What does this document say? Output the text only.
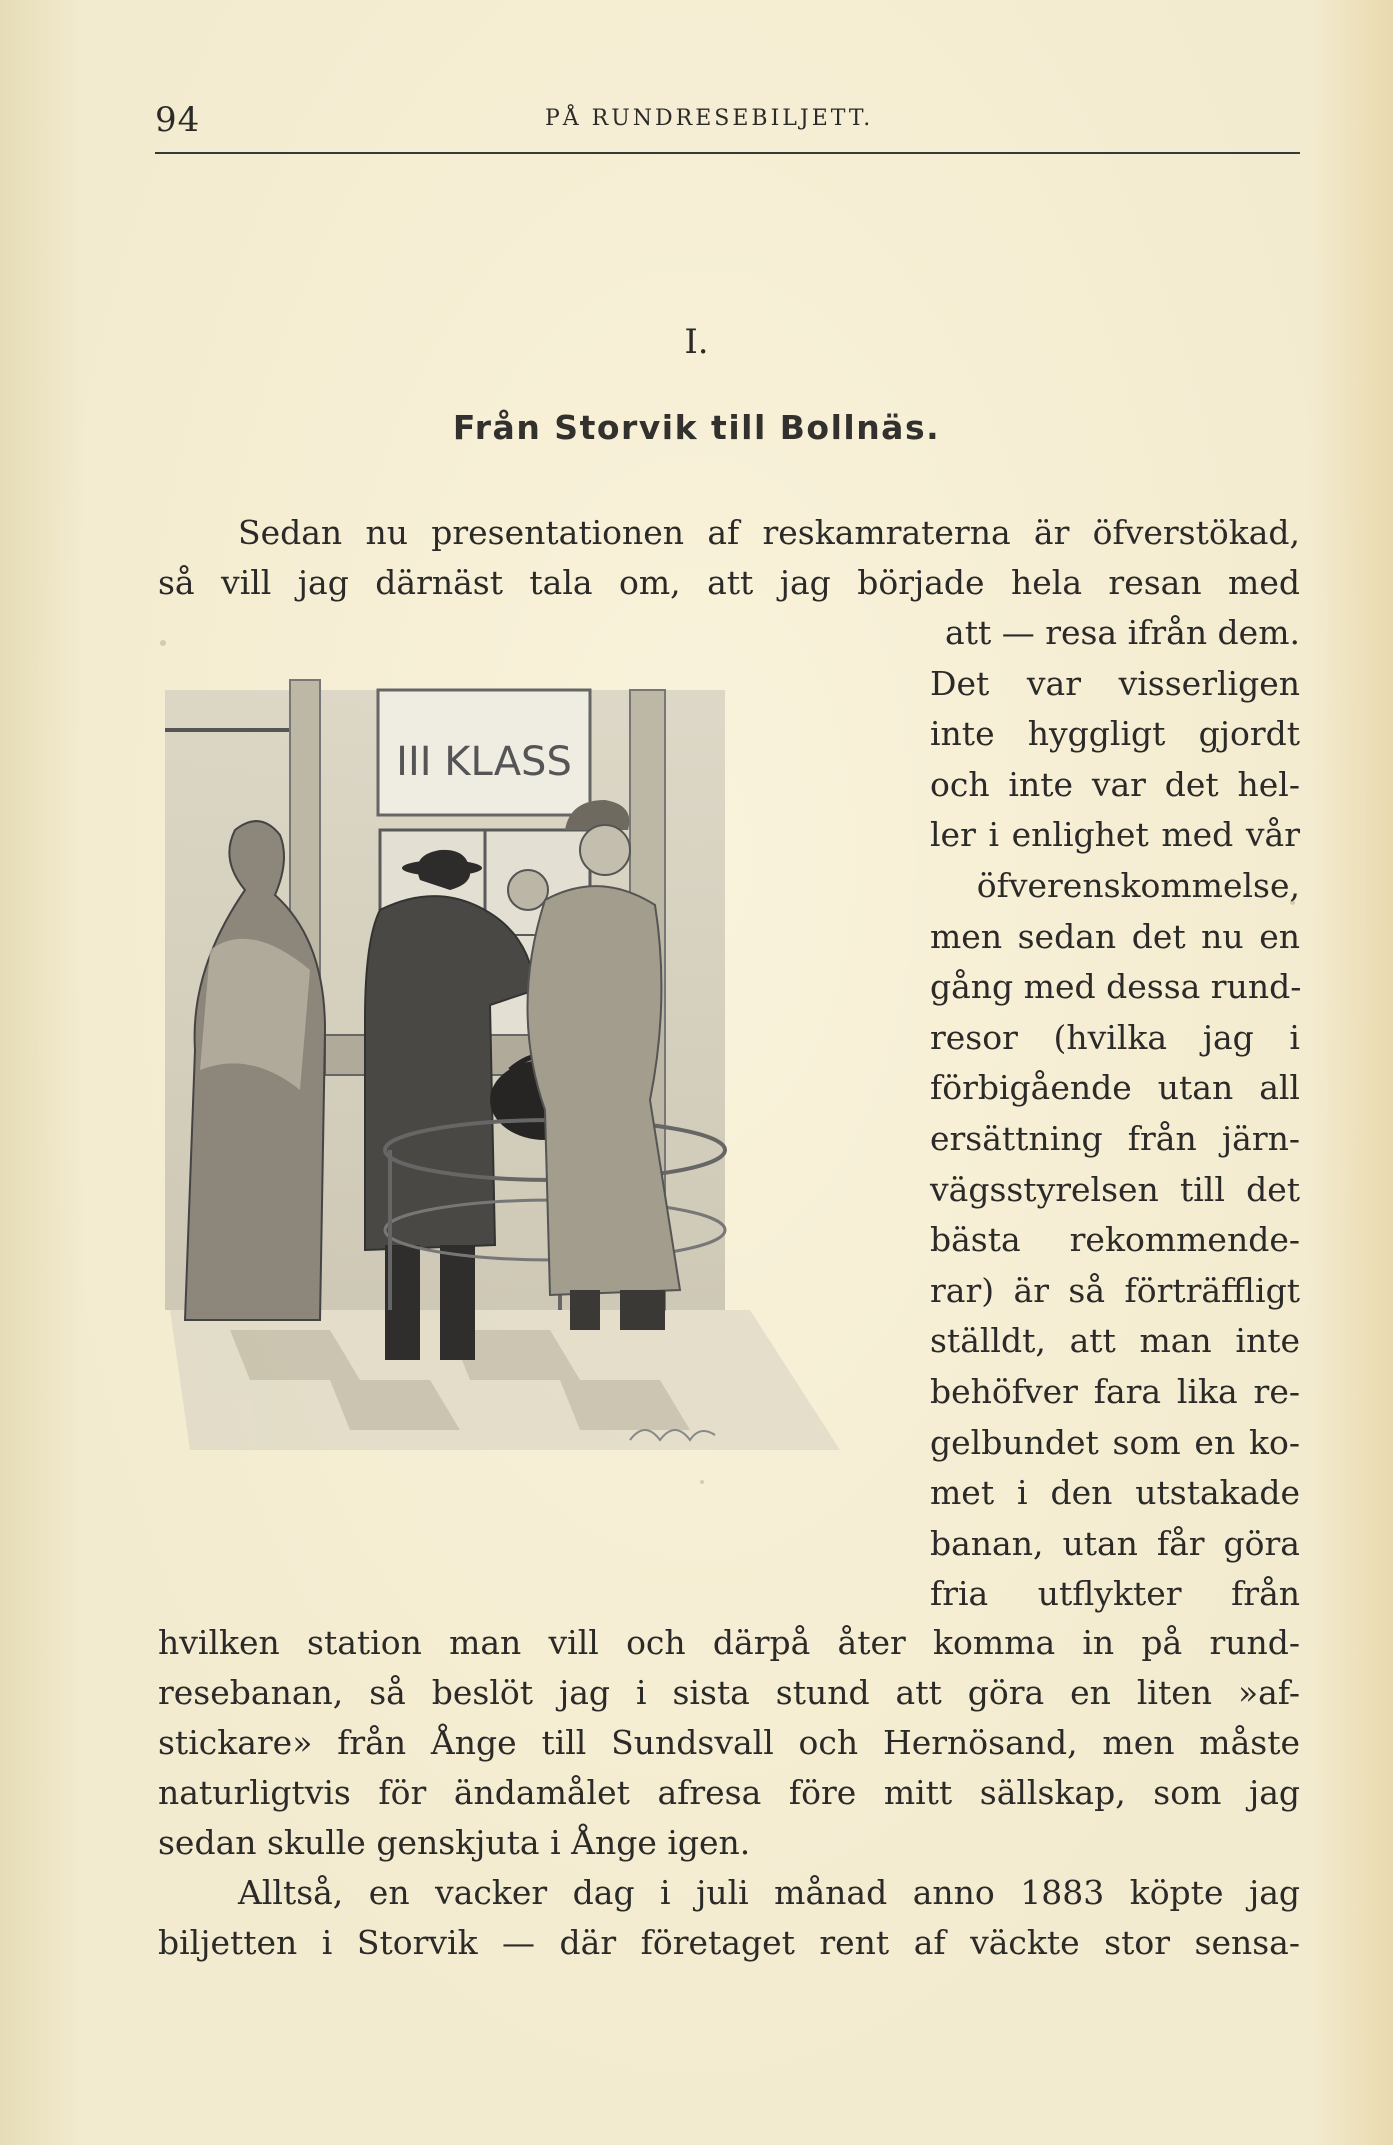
94	PÅ RUNDRESEBILJETT.
I.
Från Storvik till Bollnäs.
Sedan nu presentationen af reskamraterna är öfverstökad,
så vill jag därnäst tala om, att jag började hela resan med
att — resa ifrån dem.
Det var visserligen
inte hyggligt gjordt
och inte var det hel-
ler i enlighet med vår
öfverenskommelse,
men sedan det nu en
gång med dessa rund-
resor (hvilka jag i
förbigående utan all
ersättning från järn-
vägsstyrelsen till det
bästa rekommende-
rar) är så förträffligt
ställdt, att man inte
behöfver fara lika re-
gelbundet som en ko-
met i den utstakade
banan, utan får göra
fria utflykter från
III KLASS
hvilken station man vill och därpå åter komma in på rund-
resebanan, så beslöt jag i sista stund att göra en liten »af-
stickare» från Ånge till Sundsvall och Hernösand, men måste
naturligtvis för ändamålet afresa före mitt sällskap, som jag
sedan skulle genskjuta i Ånge igen.
Alltså, en vacker dag i juli månad anno 1883 köpte jag
biljetten i Storvik — där företaget rent af väckte stor sensa-
